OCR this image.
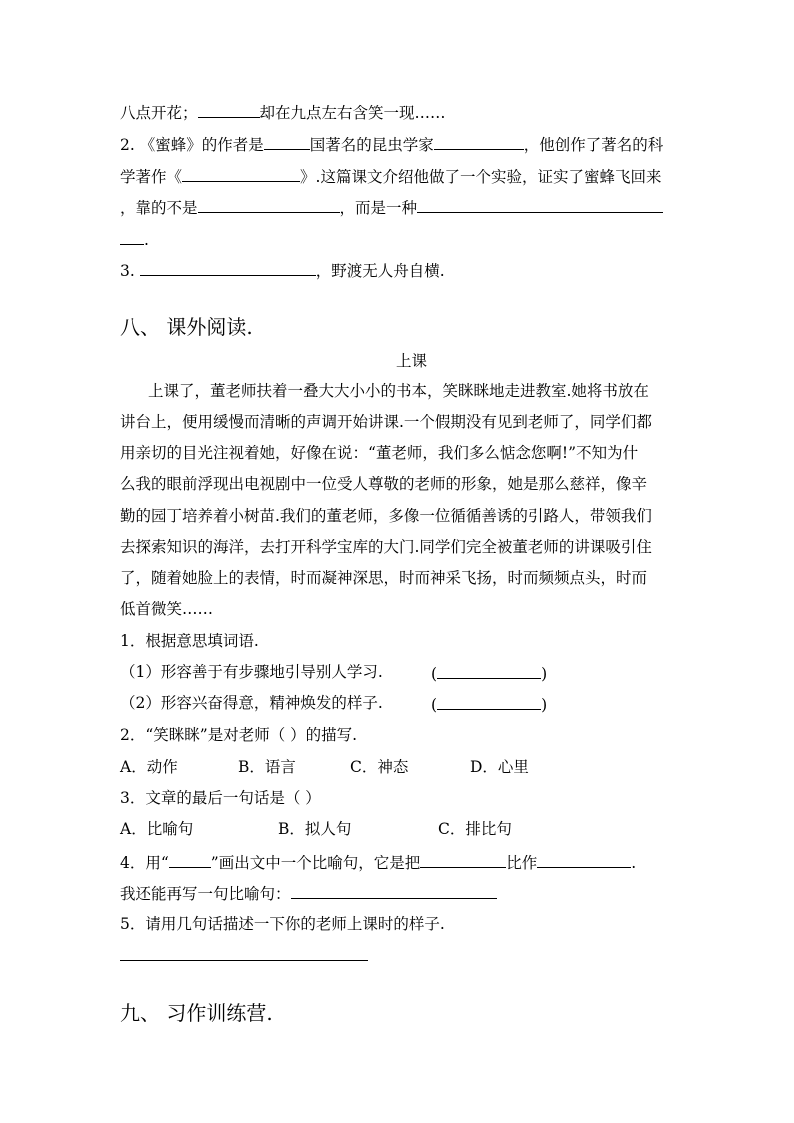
八点开花；	却在九点左右含笑一现……
2. 《蜜蜂》的作者是	国著名的昆虫学家	，他创作了著名的科
学著作《	》.这篇课文介绍他做了一个实验，证实了蜜蜂飞回来
，靠的不是	，而是一种
.
3.	，野渡无人舟自横.
八、 课外阅读.
上课
上课了，董老师扶着一叠大大小小的书本，笑眯眯地走进教室.她将书放在
讲台上，便用缓慢而清晰的声调开始讲课.一个假期没有见到老师了，同学们都
用亲切的目光注视着她，好像在说：“董老师，我们多么惦念您啊!”不知为什
么我的眼前浮现出电视剧中一位受人尊敬的老师的形象，她是那么慈祥，像辛
勤的园丁培养着小树苗.我们的董老师，多像一位循循善诱的引路人，带领我们
去探索知识的海洋，去打开科学宝库的大门.同学们完全被董老师的讲课吸引住
了，随着她脸上的表情，时而凝神深思，时而神采飞扬，时而频频点头，时而
低首微笑……
1．根据意思填词语.
（1）形容善于有步骤地引导别人学习.	(	)
（2）形容兴奋得意，精神焕发的样子.	(	)
2．“笑眯眯”是对老师（ ）的描写.
A．动作	B．语言	C．神态	D．心里
3．文章的最后一句话是（ ）
A．比喻句	B．拟人句	C．排比句
4．用“	”画出文中一个比喻句，它是把	比作	.
我还能再写一句比喻句：
5．请用几句话描述一下你的老师上课时的样子.
九、 习作训练营.
